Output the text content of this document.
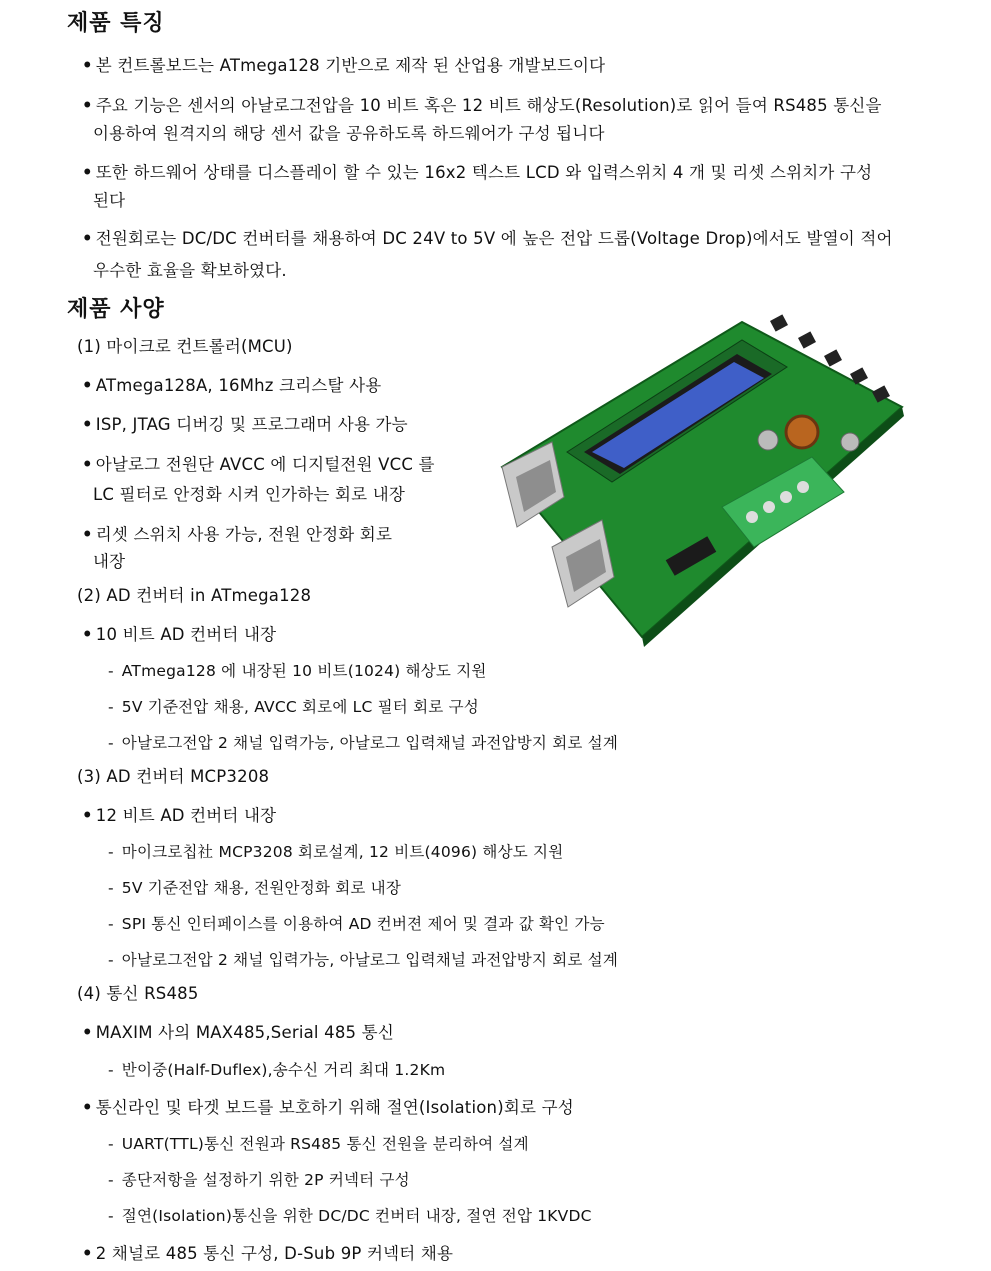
제품 특징
• 본 컨트롤보드는 ATmega128 기반으로 제작 된 산업용 개발보드이다
• 주요 기능은 센서의 아날로그전압을 10 비트 혹은 12 비트 해상도(Resolution)로 읽어 들여 RS485 통신을
이용하여 원격지의 해당 센서 값을 공유하도록 하드웨어가 구성 됩니다
• 또한 하드웨어 상태를 디스플레이 할 수 있는 16x2 텍스트 LCD 와 입력스위치 4 개 및 리셋 스위치가 구성
된다
• 전원회로는 DC/DC 컨버터를 채용하여 DC 24V to 5V 에 높은 전압 드롭(Voltage Drop)에서도 발열이 적어
우수한 효율을 확보하였다.
제품 사양
(1) 마이크로 컨트롤러(MCU)
• ATmega128A, 16Mhz 크리스탈 사용
• ISP, JTAG 디버깅 및 프로그래머 사용 가능
• 아날로그 전원단 AVCC 에 디지털전원 VCC 를
LC 필터로 안정화 시켜 인가하는 회로 내장
• 리셋 스위치 사용 가능, 전원 안정화 회로
내장
(2) AD 컨버터 in ATmega128
• 10 비트 AD 컨버터 내장
- ATmega128 에 내장된 10 비트(1024) 해상도 지원
- 5V 기준전압 채용, AVCC 회로에 LC 필터 회로 구성
- 아날로그전압 2 채널 입력가능, 아날로그 입력채널 과전압방지 회로 설계
(3) AD 컨버터 MCP3208
• 12 비트 AD 컨버터 내장
- 마이크로칩社 MCP3208 회로설계, 12 비트(4096) 해상도 지원
- 5V 기준전압 채용, 전원안정화 회로 내장
- SPI 통신 인터페이스를 이용하여 AD 컨버젼 제어 및 결과 값 확인 가능
- 아날로그전압 2 채널 입력가능, 아날로그 입력채널 과전압방지 회로 설계
(4) 통신 RS485
• MAXIM 사의 MAX485,Serial 485 통신
- 반이중(Half-Duflex),송수신 거리 최대 1.2Km
• 통신라인 및 타겟 보드를 보호하기 위해 절연(Isolation)회로 구성
- UART(TTL)통신 전원과 RS485 통신 전원을 분리하여 설계
- 종단저항을 설정하기 위한 2P 커넥터 구성
- 절연(Isolation)통신을 위한 DC/DC 컨버터 내장, 절연 전압 1KVDC
• 2 채널로 485 통신 구성, D-Sub 9P 커넥터 채용
